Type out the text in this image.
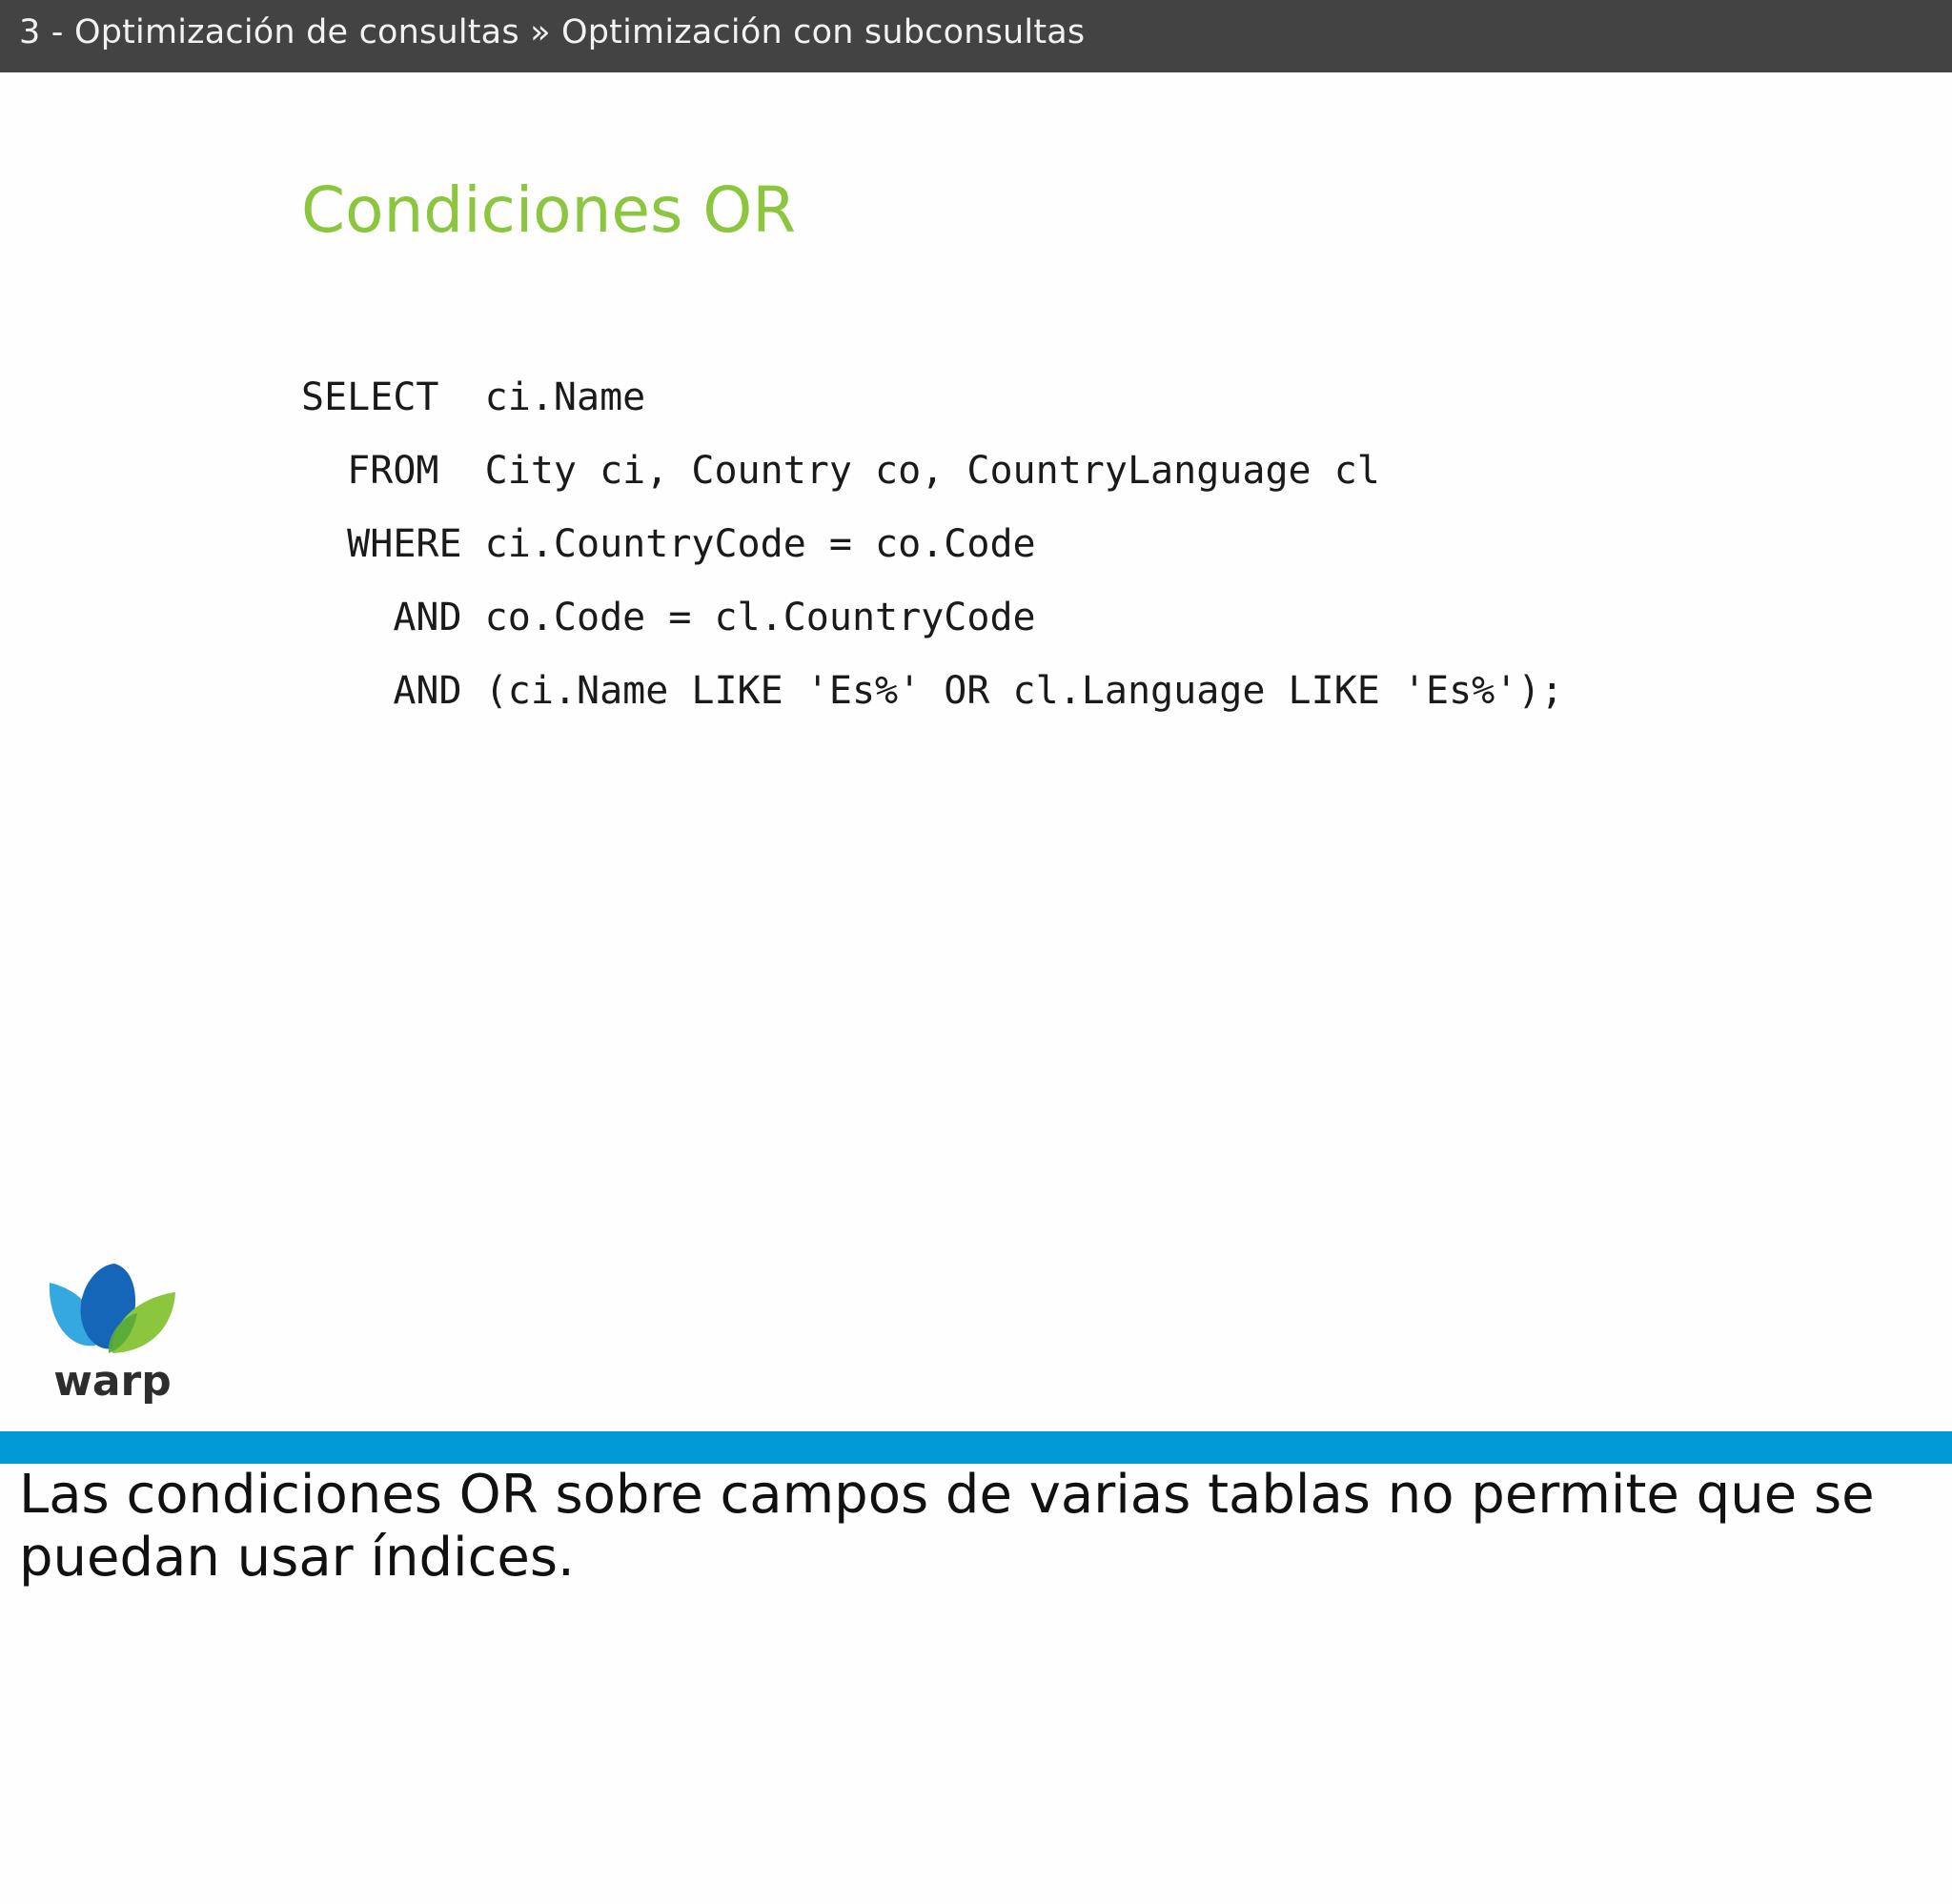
3 - Optimización de consultas » Optimización con subconsultas
Condiciones OR
SELECT  ci.Name
FROM  City ci, Country co, CountryLanguage cl
WHERE ci.CountryCode = co.Code
AND co.Code = cl.CountryCode
AND (ci.Name LIKE 'Es%' OR cl.Language LIKE 'Es%');
warp
Las condiciones OR sobre campos de varias tablas no permite que se puedan usar índices.
